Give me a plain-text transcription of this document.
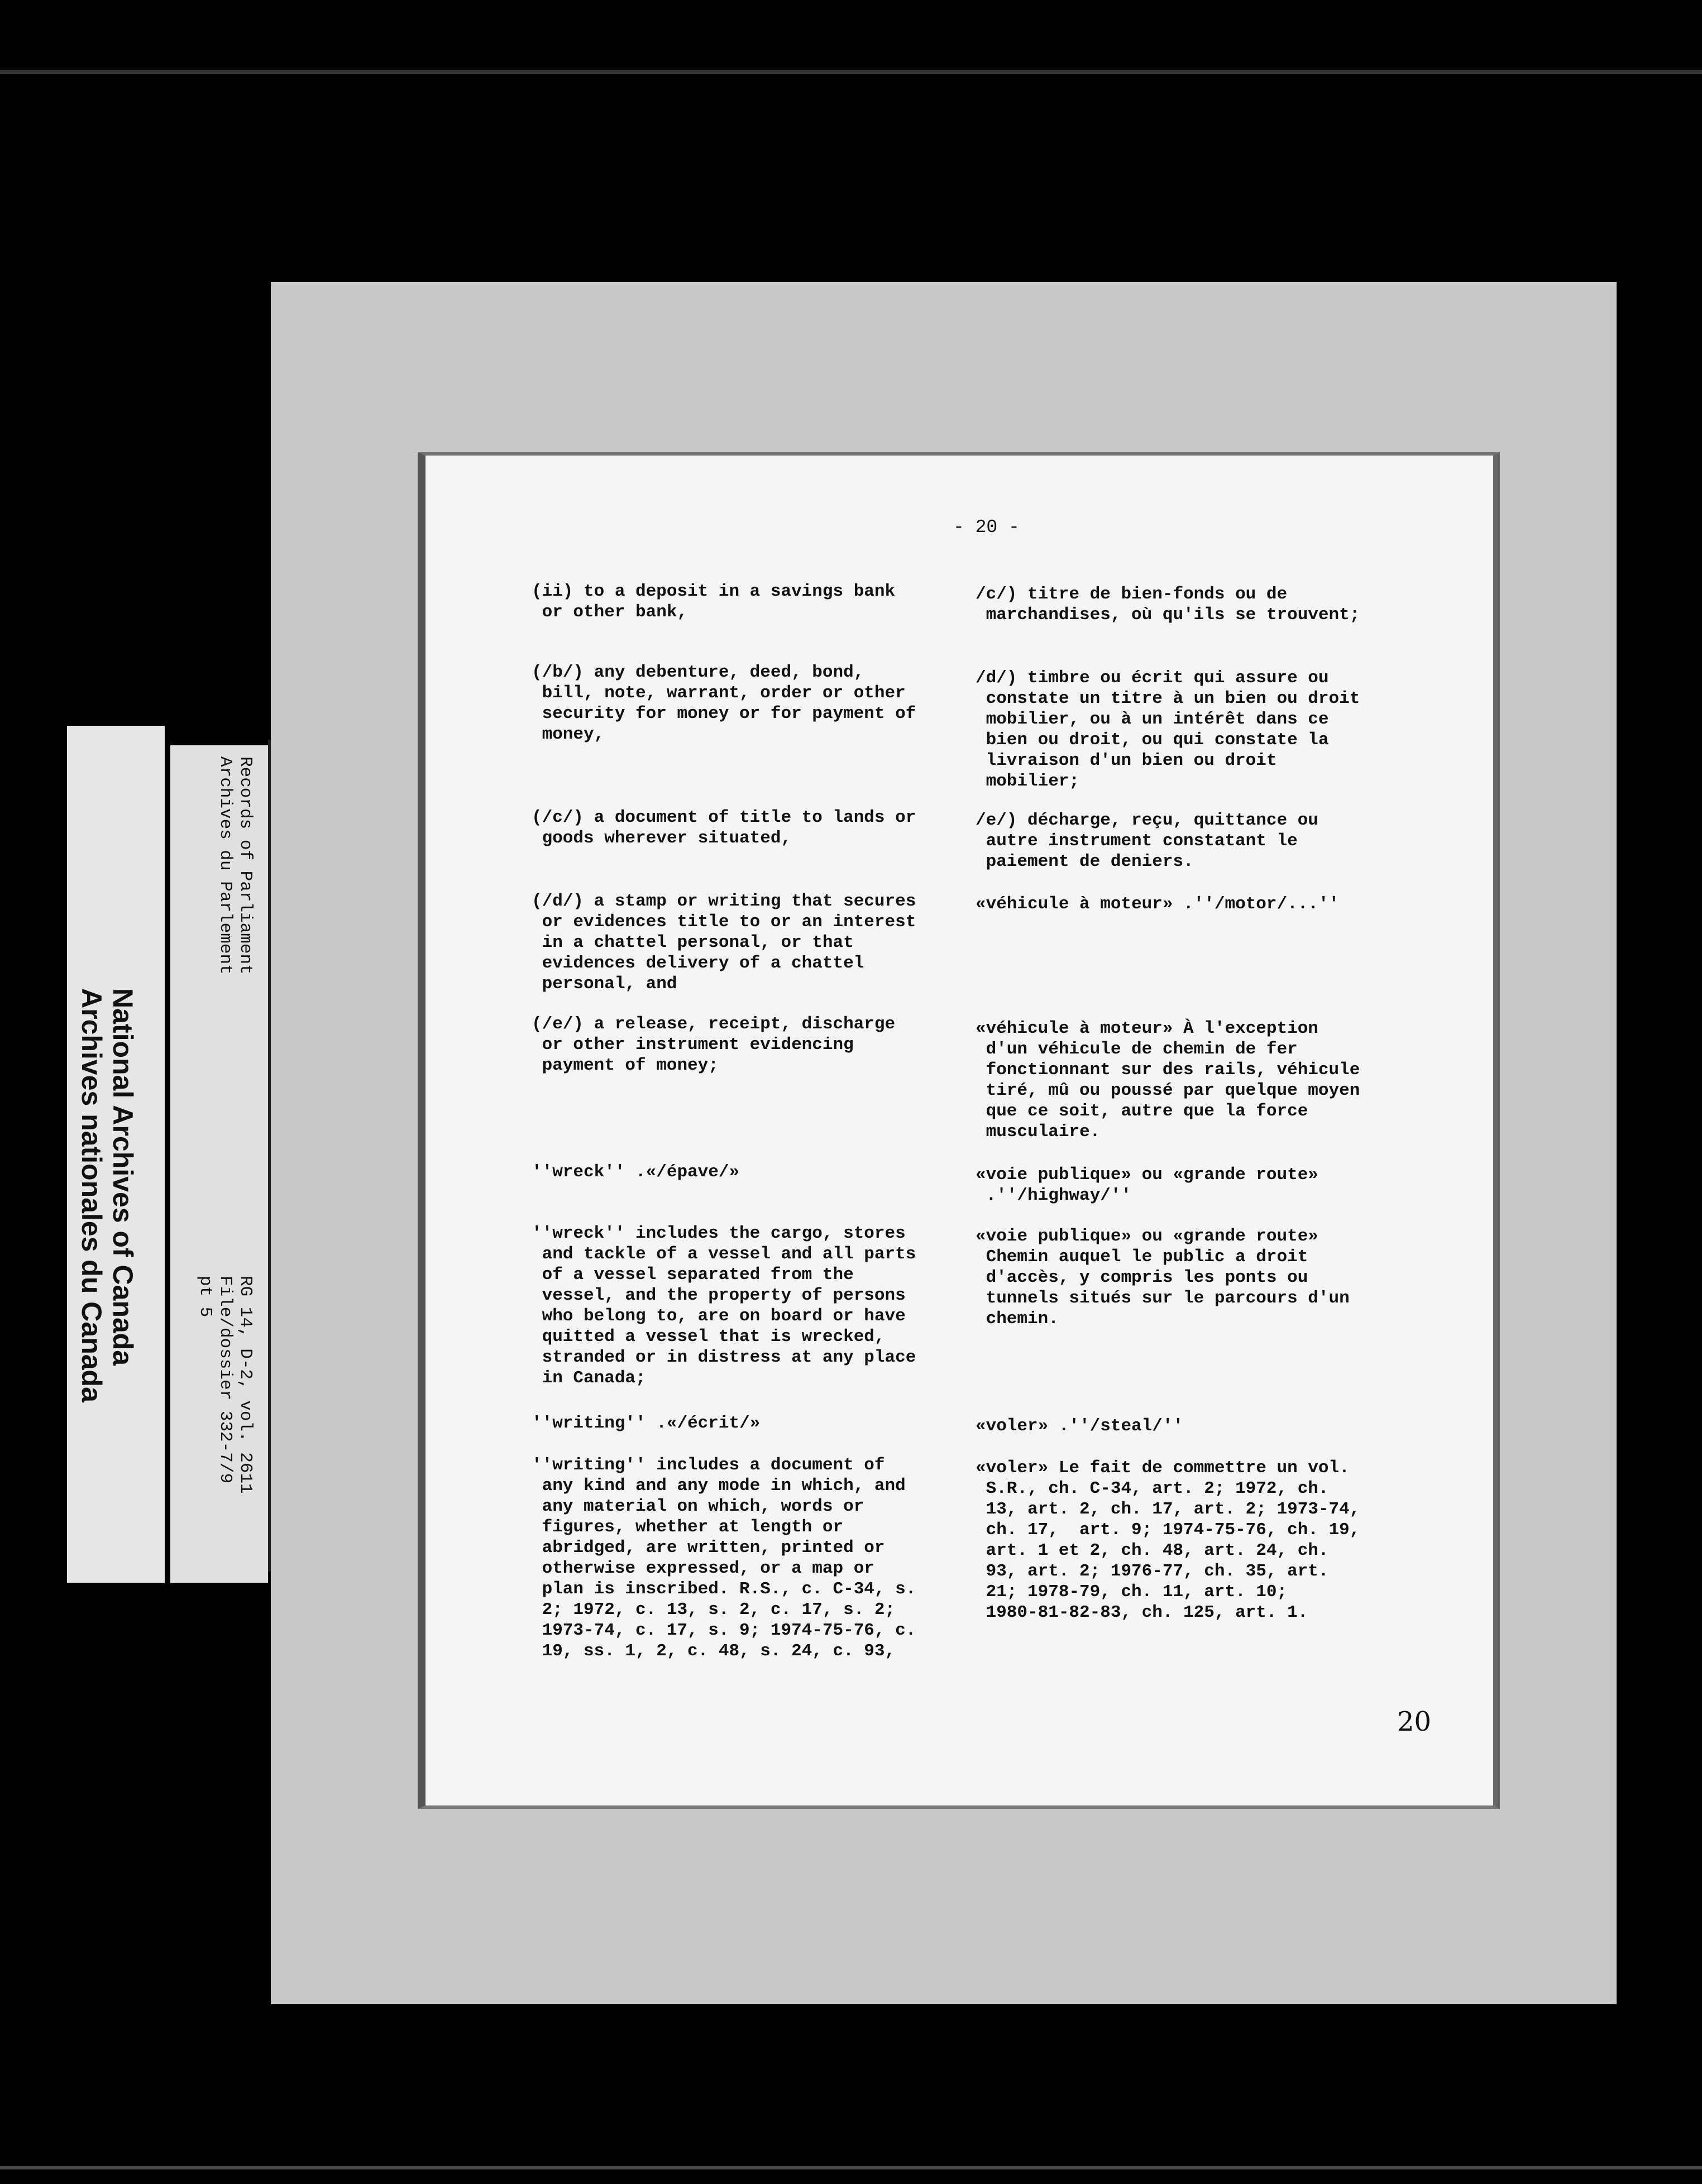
National Archives of Canada
Archives nationales du Canada
Records of Parliament
Archives du Parlement
RG 14, D-2, vol. 2611
File/dossier 332-7/9
pt 5
- 20 -
(ii) to a deposit in a savings bank
or other bank,
(/b/) any debenture, deed, bond,
bill, note, warrant, order or other
security for money or for payment of
money,
(/c/) a document of title to lands or
goods wherever situated,
(/d/) a stamp or writing that secures
or evidences title to or an interest
in a chattel personal, or that
evidences delivery of a chattel
personal, and
(/e/) a release, receipt, discharge
or other instrument evidencing
payment of money;
''wreck'' .«/épave/»
''wreck'' includes the cargo, stores
and tackle of a vessel and all parts
of a vessel separated from the
vessel, and the property of persons
who belong to, are on board or have
quitted a vessel that is wrecked,
stranded or in distress at any place
in Canada;
''writing'' .«/écrit/»
''writing'' includes a document of
any kind and any mode in which, and
any material on which, words or
figures, whether at length or
abridged, are written, printed or
otherwise expressed, or a map or
plan is inscribed. R.S., c. C-34, s.
2; 1972, c. 13, s. 2, c. 17, s. 2;
1973-74, c. 17, s. 9; 1974-75-76, c.
19, ss. 1, 2, c. 48, s. 24, c. 93,
/c/) titre de bien-fonds ou de
marchandises, où qu'ils se trouvent;
/d/) timbre ou écrit qui assure ou
constate un titre à un bien ou droit
mobilier, ou à un intérêt dans ce
bien ou droit, ou qui constate la
livraison d'un bien ou droit
mobilier;
/e/) décharge, reçu, quittance ou
autre instrument constatant le
paiement de deniers.
«véhicule à moteur» .''/motor/...''
«véhicule à moteur» À l'exception
d'un véhicule de chemin de fer
fonctionnant sur des rails, véhicule
tiré, mû ou poussé par quelque moyen
que ce soit, autre que la force
musculaire.
«voie publique» ou «grande route»
.''/highway/''
«voie publique» ou «grande route»
Chemin auquel le public a droit
d'accès, y compris les ponts ou
tunnels situés sur le parcours d'un
chemin.
«voler» .''/steal/''
«voler» Le fait de commettre un vol.
S.R., ch. C-34, art. 2; 1972, ch.
13, art. 2, ch. 17, art. 2; 1973-74,
ch. 17,  art. 9; 1974-75-76, ch. 19,
art. 1 et 2, ch. 48, art. 24, ch.
93, art. 2; 1976-77, ch. 35, art.
21; 1978-79, ch. 11, art. 10;
1980-81-82-83, ch. 125, art. 1.
20
